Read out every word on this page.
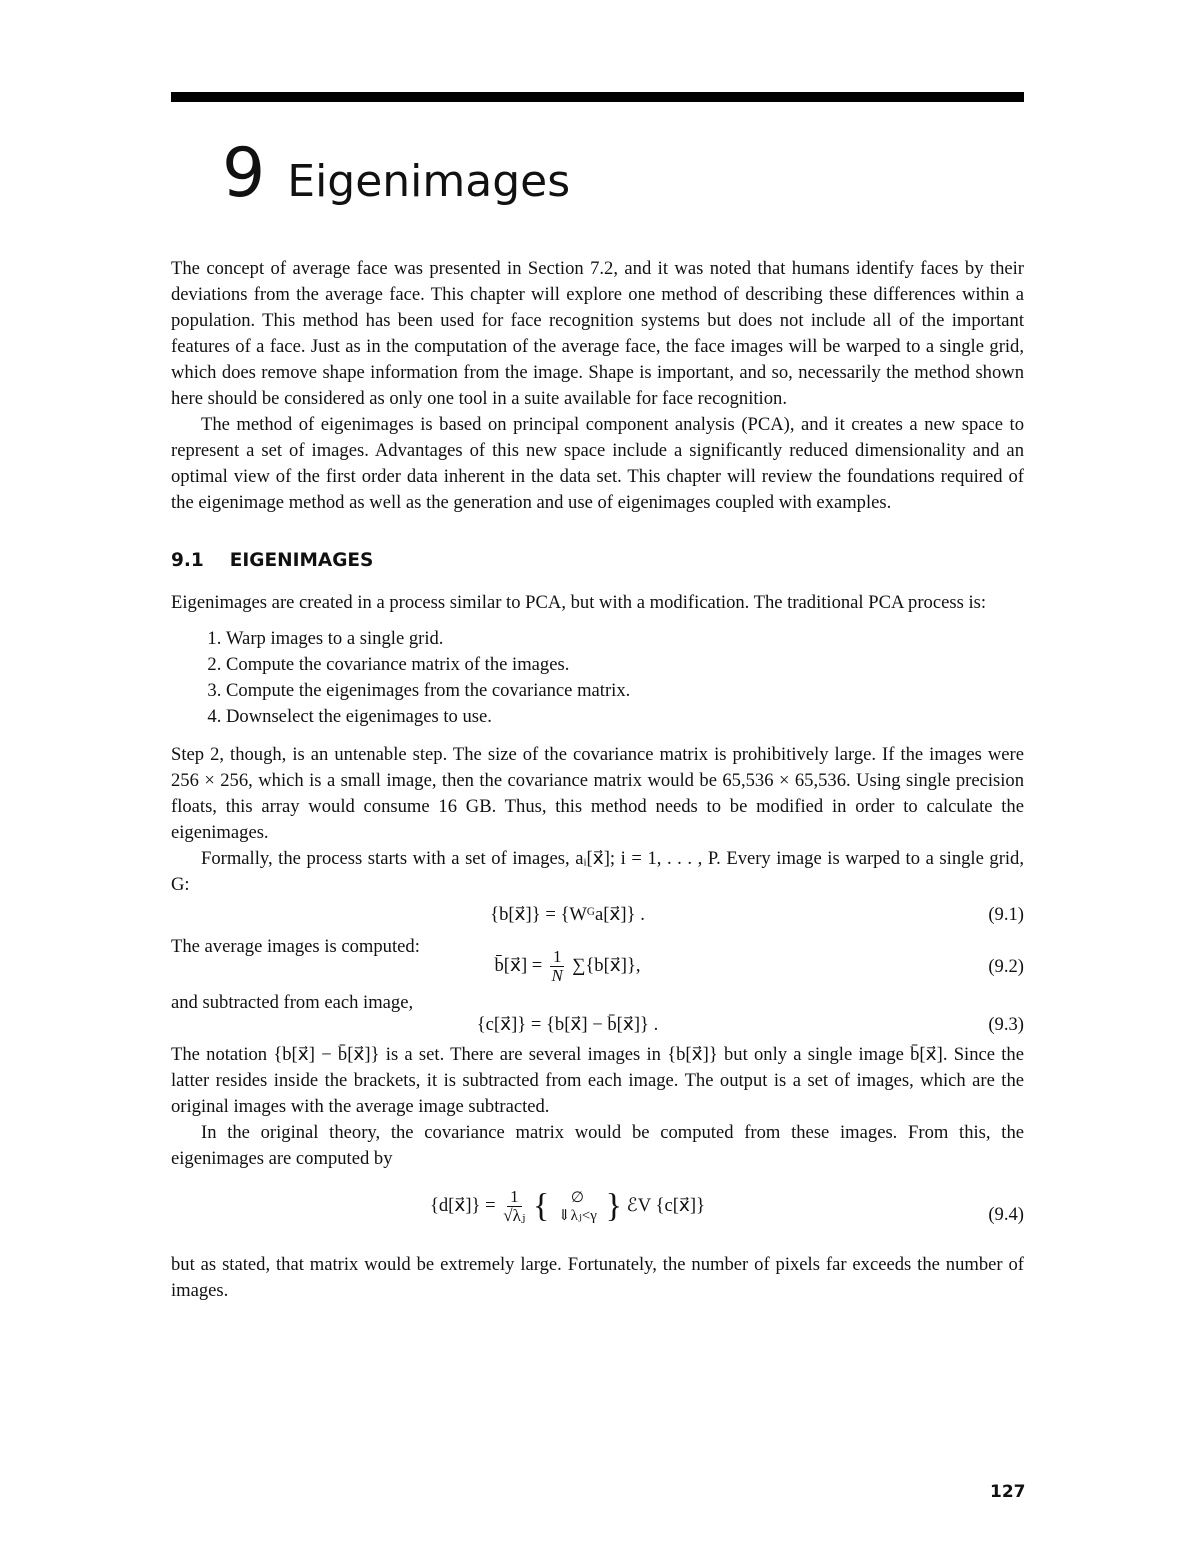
9 Eigenimages

The concept of average face was presented in Section 7.2, and it was noted that humans identify faces by their deviations from the average face. This chapter will explore one method of describing these differences within a population. This method has been used for face recognition systems but does not include all of the important features of a face. Just as in the computation of the average face, the face images will be warped to a single grid, which does remove shape information from the image. Shape is important, and so, necessarily the method shown here should be considered as only one tool in a suite available for face recognition.

The method of eigenimages is based on principal component analysis (PCA), and it creates a new space to represent a set of images. Advantages of this new space include a significantly reduced dimensionality and an optimal view of the first order data inherent in the data set. This chapter will review the foundations required of the eigenimage method as well as the generation and use of eigenimages coupled with examples.

9.1 EIGENIMAGES

Eigenimages are created in a process similar to PCA, but with a modification. The traditional PCA process is:

1. Warp images to a single grid.
2. Compute the covariance matrix of the images.
3. Compute the eigenimages from the covariance matrix.
4. Downselect the eigenimages to use.

Step 2, though, is an untenable step. The size of the covariance matrix is prohibitively large. If the images were 256 × 256, which is a small image, then the covariance matrix would be 65,536 × 65,536. Using single precision floats, this array would consume 16 GB. Thus, this method needs to be modified in order to calculate the eigenimages.

Formally, the process starts with a set of images, aᵢ[x⃗]; i = 1, . . . , P. Every image is warped to a single grid, G:

{b[x⃗]} = {Wᴳa[x⃗]} .	(9.1)
The average images is computed:
b̄[x⃗] = $\frac{1}{N}$ ∑{b[x⃗]},	(9.2)
and subtracted from each image,
{c[x⃗]} = {b[x⃗] − b̄[x⃗]} .	(9.3)

The notation {b[x⃗] − b̄[x⃗]} is a set. There are several images in {b[x⃗]} but only a single image b̄[x⃗]. Since the latter resides inside the brackets, it is subtracted from each image. The output is a set of images, which are the original images with the average image subtracted.

In the original theory, the covariance matrix would be computed from these images. From this, the eigenimages are computed by

{d[x⃗]} = $\frac{1}{\text{√λⱼ}}$ { ∅
⇓λⱼ<γ } ℰV {c[x⃗]}	(9.4)

but as stated, that matrix would be extremely large. Fortunately, the number of pixels far exceeds the number of images.

127
